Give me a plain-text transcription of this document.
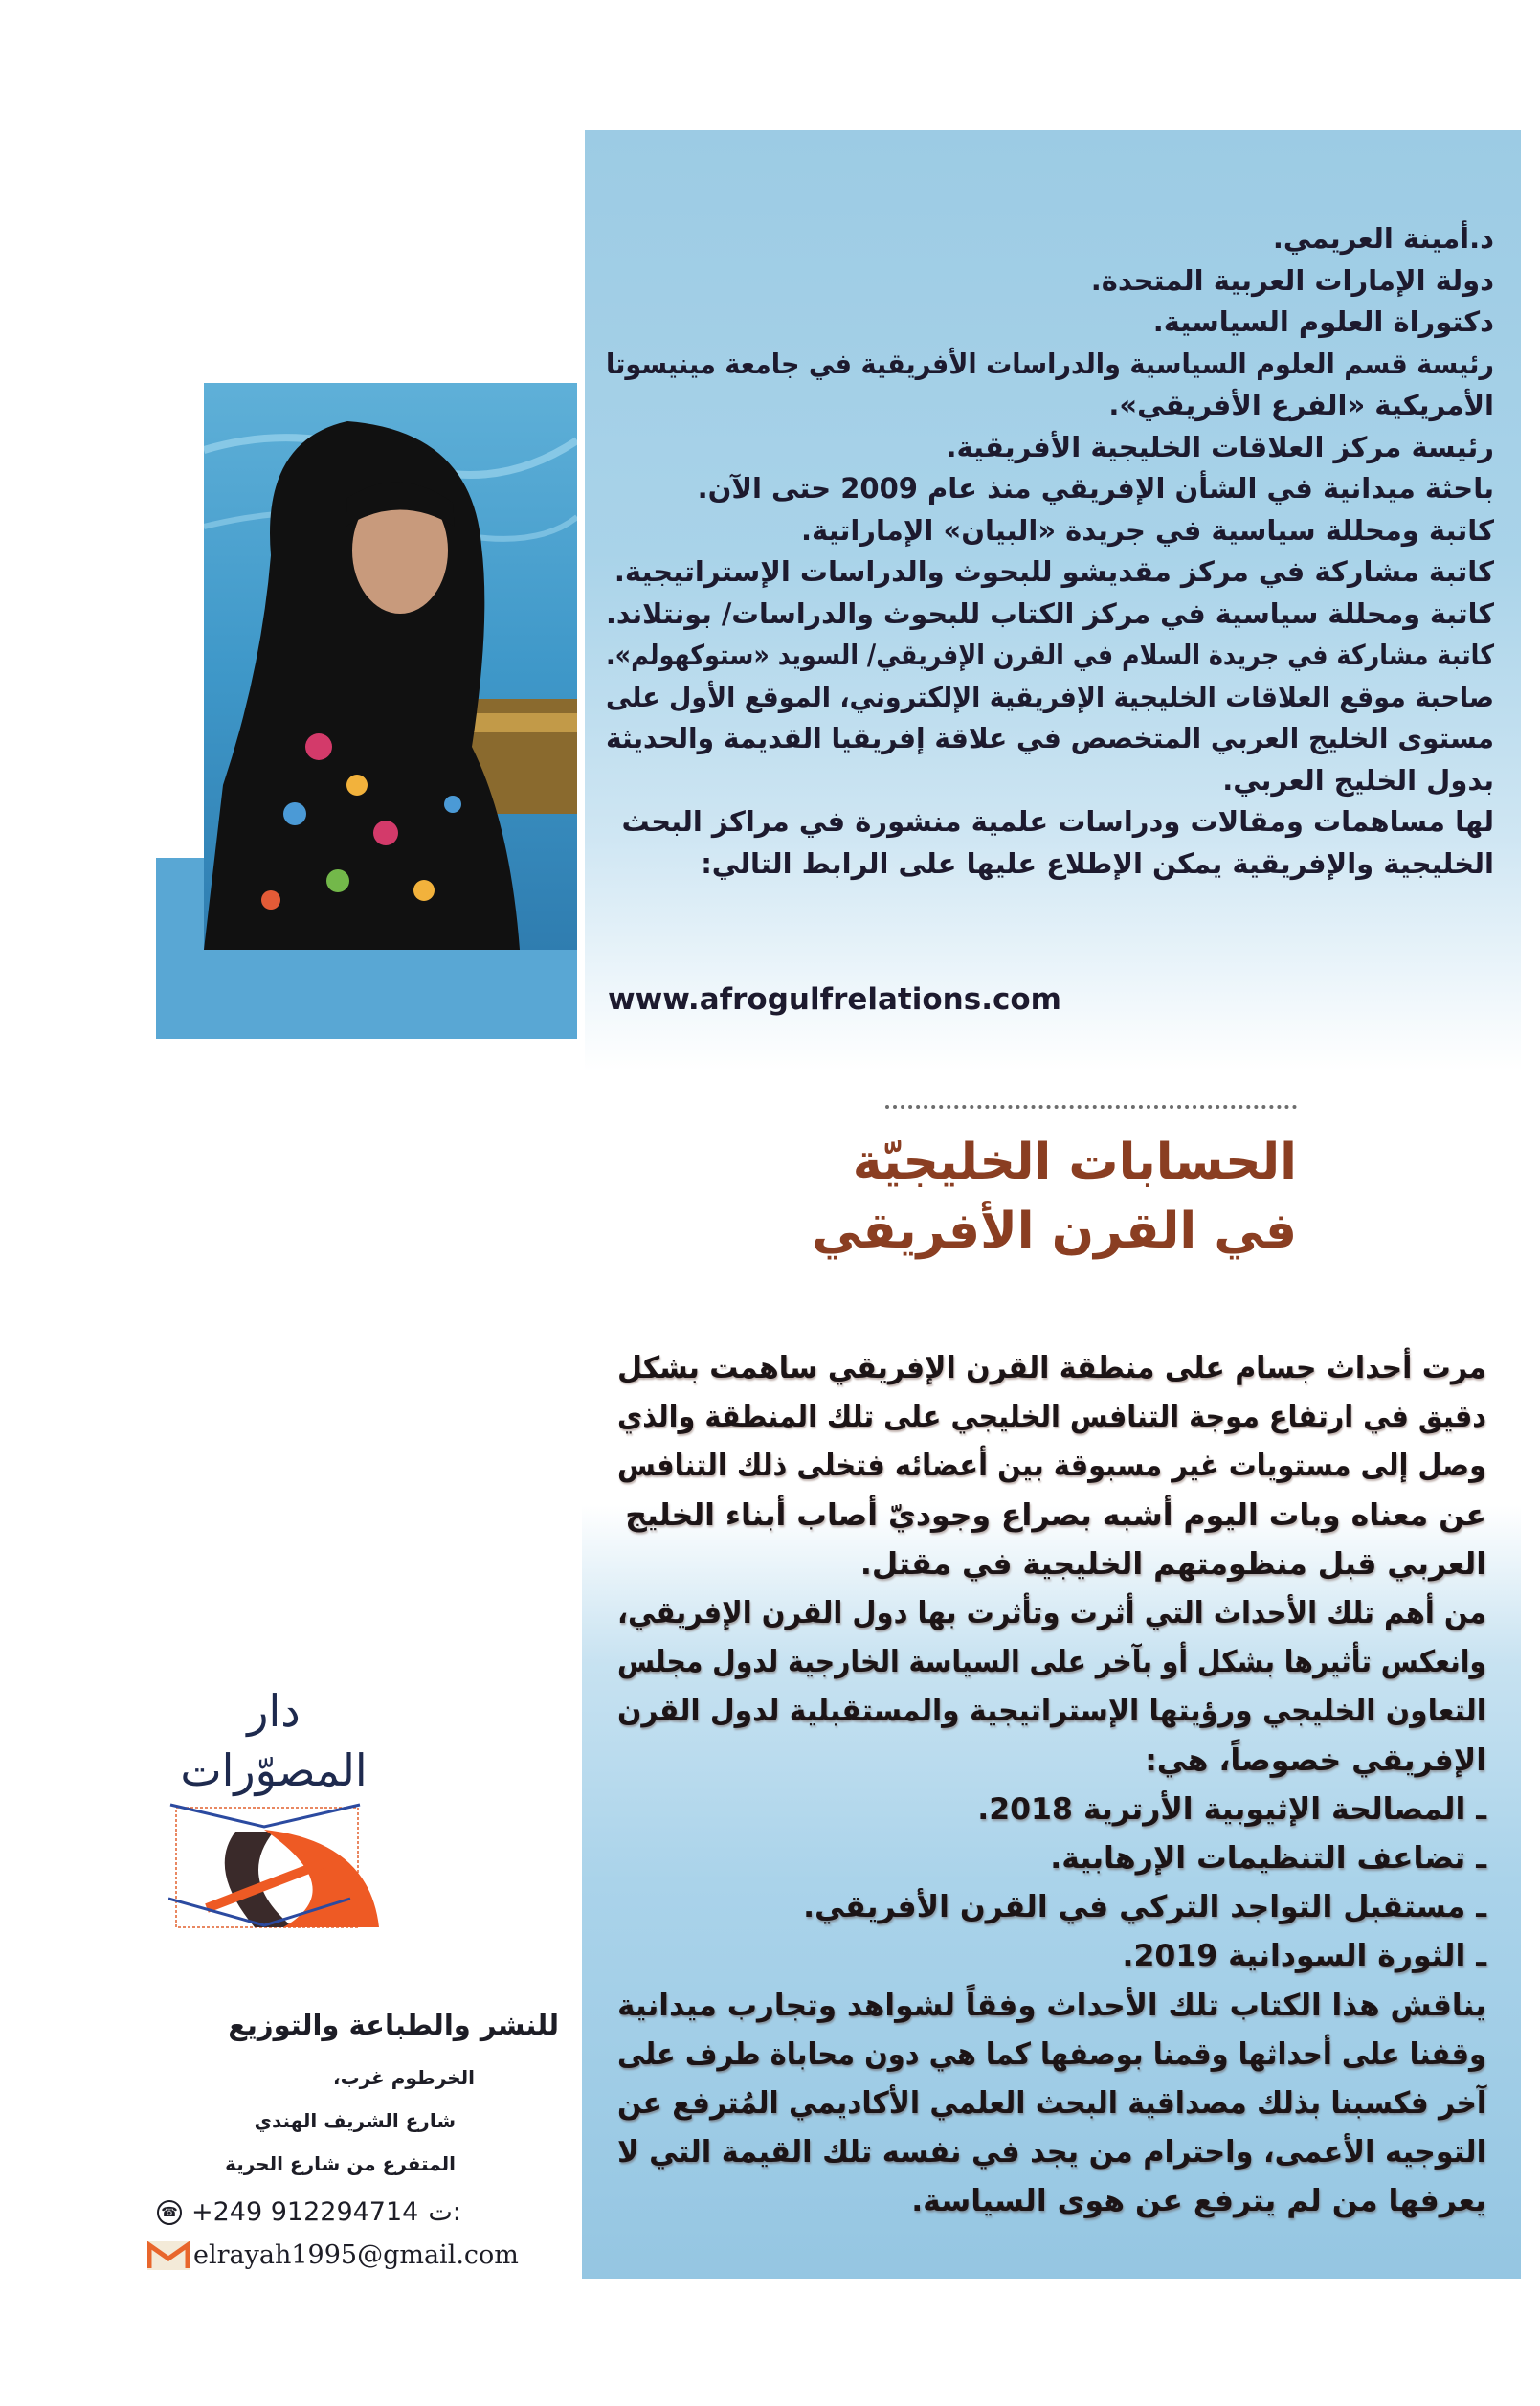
د.أمينة العريمي.
دولة الإمارات العربية المتحدة.
دكتوراة العلوم السياسية.
رئيسة قسم العلوم السياسية والدراسات الأفريقية في جامعة مينيسوتا
الأمريكية «الفرع الأفريقي».
رئيسة مركز العلاقات الخليجية الأفريقية.
باحثة ميدانية في الشأن الإفريقي منذ عام 2009 حتى الآن.
كاتبة ومحللة سياسية في جريدة «البيان» الإماراتية.
كاتبة مشاركة في مركز مقديشو للبحوث والدراسات الإستراتيجية.
كاتبة ومحللة سياسية في مركز الكتاب للبحوث والدراسات/ بونتلاند.
كاتبة مشاركة في جريدة السلام في القرن الإفريقي/ السويد «ستوكهولم».
صاحبة موقع العلاقات الخليجية الإفريقية الإلكتروني، الموقع الأول على
مستوى الخليج العربي المتخصص في علاقة إفريقيا القديمة والحديثة
بدول الخليج العربي.
لها مساهمات ومقالات ودراسات علمية منشورة في مراكز البحث
الخليجية والإفريقية يمكن الإطلاع عليها على الرابط التالي:
www.afrogulfrelations.com
الحسابات الخليجيّة
في القرن الأفريقي
مرت أحداث جسام على منطقة القرن الإفريقي ساهمت بشكل
دقيق في ارتفاع موجة التنافس الخليجي على تلك المنطقة والذي
وصل إلى مستويات غير مسبوقة بين أعضائه فتخلى ذلك التنافس
عن معناه وبات اليوم أشبه بصراع وجوديّ أصاب أبناء الخليج
العربي قبل منظومتهم الخليجية في مقتل.
من أهم تلك الأحداث التي أثرت وتأثرت بها دول القرن الإفريقي،
وانعكس تأثيرها بشكل أو بآخر على السياسة الخارجية لدول مجلس
التعاون الخليجي ورؤيتها الإستراتيجية والمستقبلية لدول القرن
الإفريقي خصوصاً، هي:
ـ المصالحة الإثيوبية الأرترية 2018.
ـ تضاعف التنظيمات الإرهابية.
ـ مستقبل التواجد التركي في القرن الأفريقي.
ـ الثورة السودانية 2019.
يناقش هذا الكتاب تلك الأحداث وفقاً لشواهد وتجارب ميدانية
وقفنا على أحداثها وقمنا بوصفها كما هي دون محاباة طرف على
آخر فكسبنا بذلك مصداقية البحث العلمي الأكاديمي المُترفع عن
التوجيه الأعمى، واحترام من يجد في نفسه تلك القيمة التي لا
يعرفها من لم يترفع عن هوى السياسة.
دار
المصوّرات
للنشر والطباعة والتوزيع
الخرطوم غرب،
شارع الشريف الهندي
المتفرع من شارع الحرية
☎ +249 912294714 ت:
elrayah1995@gmail.com
